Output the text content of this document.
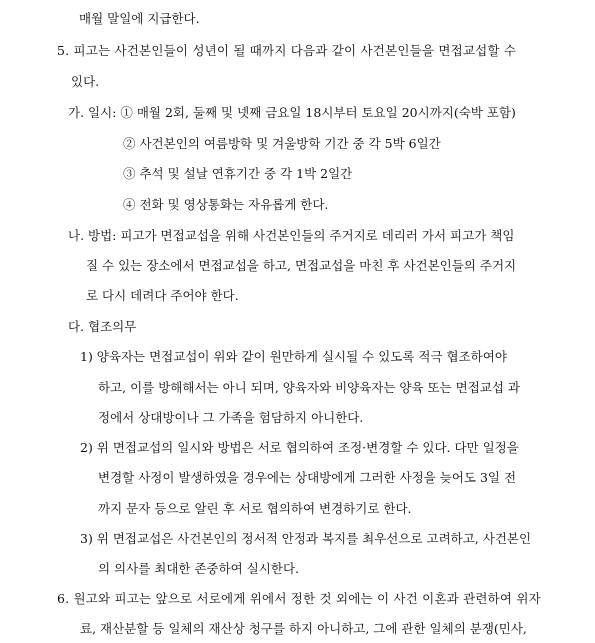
매월 말일에 지급한다.
5. 피고는 사건본인들이 성년이 될 때까지 다음과 같이 사건본인들을 면접교섭할 수
있다.
가. 일시: ① 매월 2회, 둘째 및 넷째 금요일 18시부터 토요일 20시까지(숙박 포함)
② 사건본인의 여름방학 및 겨울방학 기간 중 각 5박 6일간
③ 추석 및 설날 연휴기간 중 각 1박 2일간
④ 전화 및 영상통화는 자유롭게 한다.
나. 방법: 피고가 면접교섭을 위해 사건본인들의 주거지로 데리러 가서 피고가 책임
질 수 있는 장소에서 면접교섭을 하고, 면접교섭을 마친 후 사건본인들의 주거지
로 다시 데려다 주어야 한다.
다. 협조의무
1) 양육자는 면접교섭이 위와 같이 원만하게 실시될 수 있도록 적극 협조하여야
하고, 이를 방해해서는 아니 되며, 양육자와 비양육자는 양육 또는 면접교섭 과
정에서 상대방이나 그 가족을 험담하지 아니한다.
2) 위 면접교섭의 일시와 방법은 서로 협의하여 조정·변경할 수 있다. 다만 일정을
변경할 사정이 발생하였을 경우에는 상대방에게 그러한 사정을 늦어도 3일 전
까지 문자 등으로 알린 후 서로 협의하여 변경하기로 한다.
3) 위 면접교섭은 사건본인의 정서적 안정과 복지를 최우선으로 고려하고, 사건본인
의 의사를 최대한 존중하여 실시한다.
6. 원고와 피고는 앞으로 서로에게 위에서 정한 것 외에는 이 사건 이혼과 관련하여 위자
료, 재산분할 등 일체의 재산상 청구를 하지 아니하고, 그에 관한 일체의 분쟁(민사,
